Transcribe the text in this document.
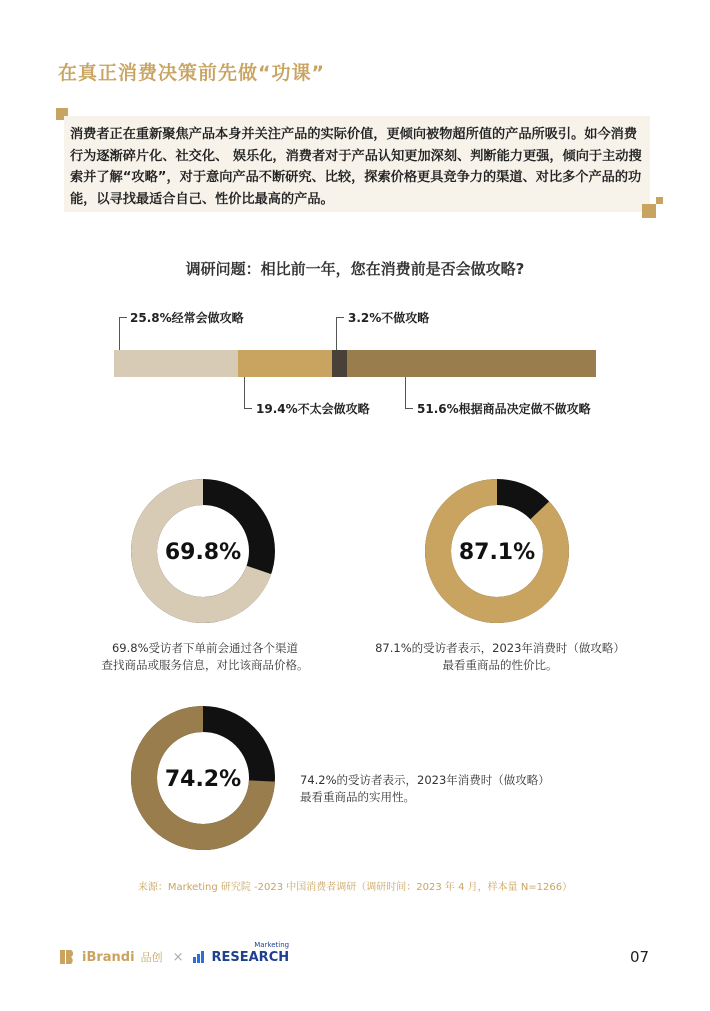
在真正消费决策前先做“功课”
消费者正在重新聚焦产品本身并关注产品的实际价值，更倾向被物超所值的产品所吸引。如今消费行为逐渐碎片化、社交化、 娱乐化，消费者对于产品认知更加深刻、判断能力更强，倾向于主动搜索并了解“攻略”，对于意向产品不断研究、比较，探索价格更具竞争力的渠道、对比多个产品的功能，以寻找最适合自己、性价比最高的产品。
调研问题：相比前一年，您在消费前是否会做攻略?
25.8%经常会做攻略	3.2%不做攻略
19.4%不太会做攻略	51.6%根据商品决定做不做攻略
69.8%
69.8%受访者下单前会通过各个渠道
查找商品或服务信息，对比该商品价格。
87.1%
87.1%的受访者表示，2023年消费时（做攻略）
最看重商品的性价比。
74.2%	74.2%的受访者表示，2023年消费时（做攻略）
最看重商品的实用性。
来源：Marketing 研究院 -2023 中国消费者调研（调研时间：2023 年 4 月，样本量 N=1266）
iBrandi 品创 ×
Marketing
RESEARCH	07
